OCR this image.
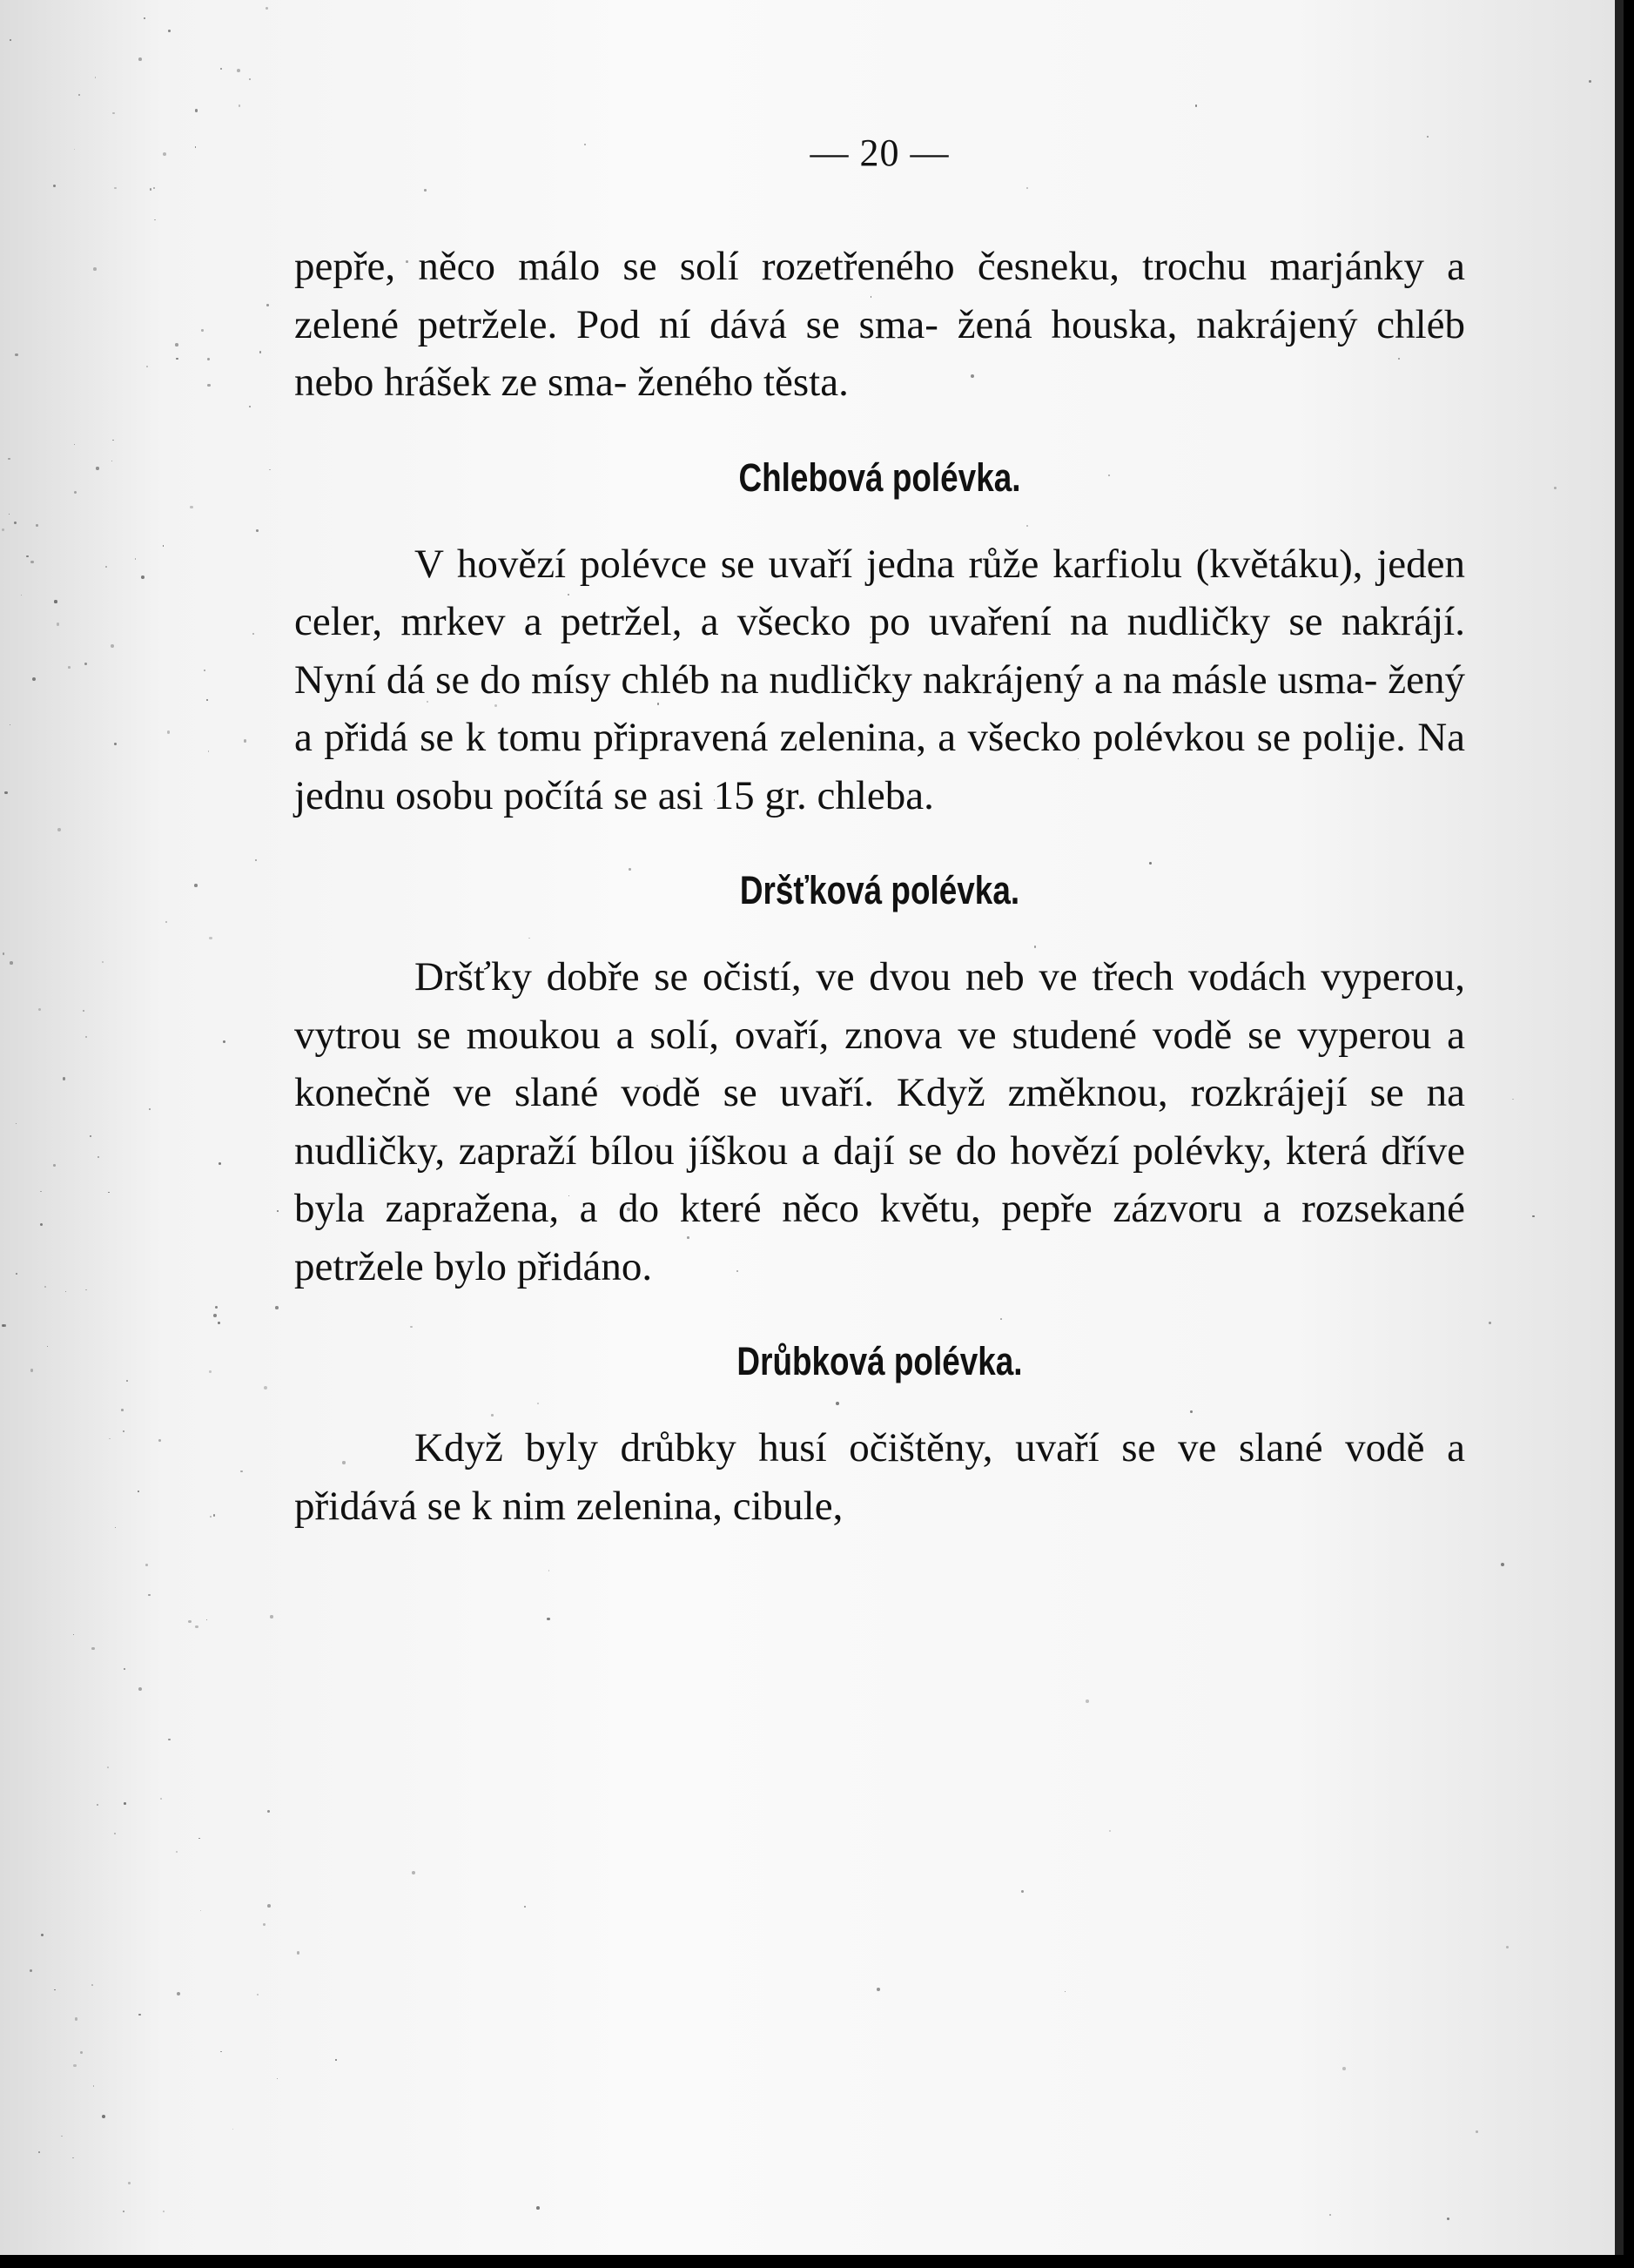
— 20 —

pepře, něco málo se solí rozetřeného česneku, trochu marjánky a zelené petržele. Pod ní dává se sma- žená houska, nakrájený chléb nebo hrášek ze sma- ženého těsta.

Chlebová polévka.

V hovězí polévce se uvaří jedna růže karfiolu (květáku), jeden celer, mrkev a petržel, a všecko po uvaření na nudličky se nakrájí. Nyní dá se do mísy chléb na nudličky nakrájený a na másle usma- žený a přidá se k tomu připravená zelenina, a všecko polévkou se polije. Na jednu osobu počítá se asi 15 gr. chleba.

Dršťková polévka.

Dršťky dobře se očistí, ve dvou neb ve třech vodách vyperou, vytrou se moukou a solí, ovaří, znova ve studené vodě se vyperou a konečně ve slané vodě se uvaří. Když změknou, rozkrájejí se na nudličky, zapraží bílou jíškou a dají se do hovězí polévky, která dříve byla zapražena, a do které něco květu, pepře zázvoru a rozsekané petržele bylo přidáno.

Drůbková polévka.

Když byly drůbky husí očištěny, uvaří se ve slané vodě a přidává se k nim zelenina, cibule,
